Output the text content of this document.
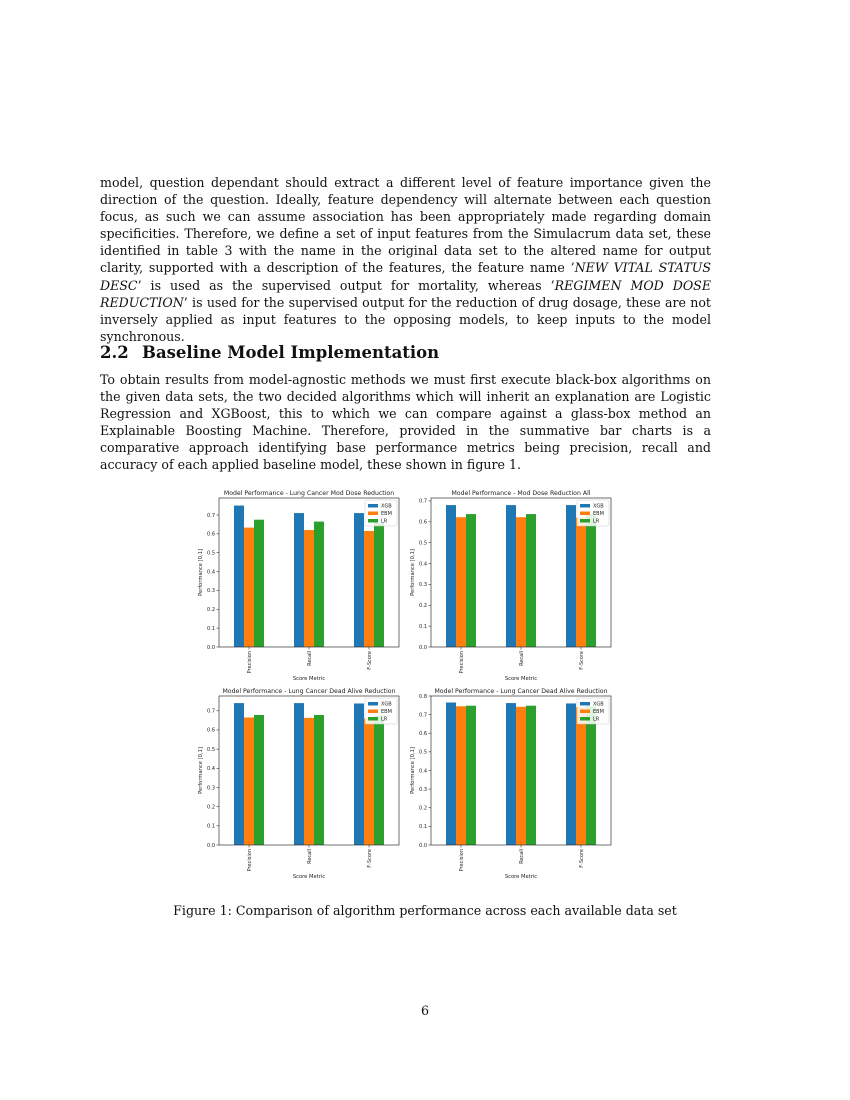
model, question dependant should extract a different level of feature importance given the direction of the question. Ideally, feature dependency will alternate between each question focus, as such we can assume association has been appropriately made regarding domain specificities. Therefore, we define a set of input features from the Simulacrum data set, these identified in table 3 with the name in the original data set to the altered name for output clarity, supported with a description of the features, the feature name ’NEW VITAL STATUS DESC’ is used as the supervised output for mortality, whereas ’REGIMEN MOD DOSE REDUCTION’ is used for the supervised output for the reduction of drug dosage, these are not inversely applied as input features to the opposing models, to keep inputs to the model synchronous.

2.2 Baseline Model Implementation

To obtain results from model-agnostic methods we must first execute black-box algorithms on the given data sets, the two decided algorithms which will inherit an explanation are Logistic Regression and XGBoost, this to which we can compare against a glass-box method an Explainable Boosting Machine. Therefore, provided in the summative bar charts is a comparative approach identifying base performance metrics being precision, recall and accuracy of each applied baseline model, these shown in figure 1.

Model Performance - Lung Cancer Mod Dose Reduction
0.0
0.1
0.2
0.3
0.4
0.5
0.6
0.7
Precision	Recall	F-Score
Score Metric
Performance [0,1]
XGB
EBM
LR
Model Performance - Mod Dose Reduction All
0.0
0.1
0.2
0.3
0.4
0.5
0.6
0.7
Precision	Recall	F-Score
Score Metric
Performance [0,1]
XGB
EBM
LR
Model Performance - Lung Cancer Dead Alive Reduction
0.0
0.1
0.2
0.3
0.4
0.5
0.6
0.7
Precision	Recall	F-Score
Score Metric
Performance [0,1]
XGB
EBM
LR
Model Performance - Lung Cancer Dead Alive Reduction
0.0
0.1
0.2
0.3
0.4
0.5
0.6
0.7
0.8
Precision	Recall	F-Score
Score Metric
Performance [0,1]
XGB
EBM
LR

Figure 1: Comparison of algorithm performance across each available data set

6
